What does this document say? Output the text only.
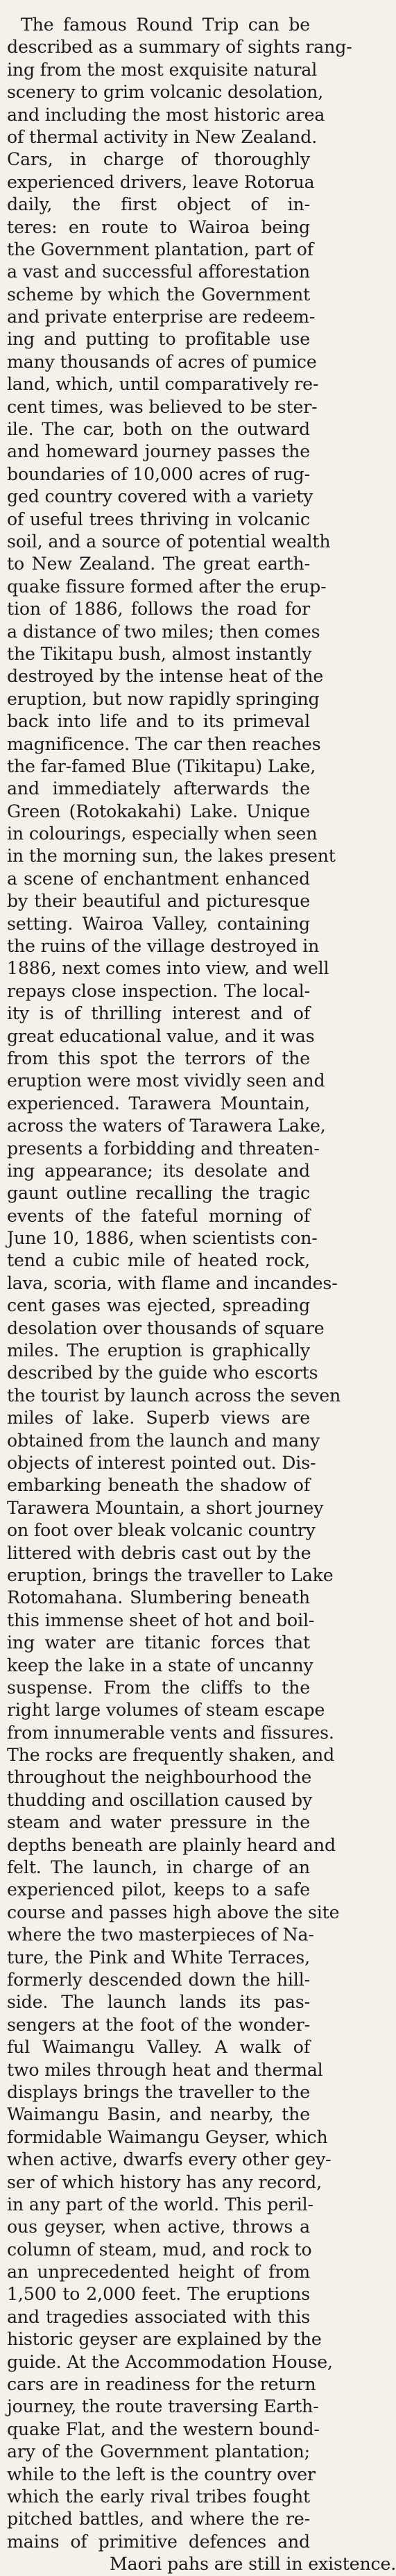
The famous Round Trip can be
described as a summary of sights rang-
ing from the most exquisite natural
scenery to grim volcanic desolation,
and including the most historic area
of thermal activity in New Zealand.
Cars, in charge of thoroughly
experienced drivers, leave Rotorua
daily, the first object of in-
teres: en route to Wairoa being
the Government plantation, part of
a vast and successful afforestation
scheme by which the Government
and private enterprise are redeem-
ing and putting to profitable use
many thousands of acres of pumice
land, which, until comparatively re-
cent times, was believed to be ster-
ile. The car, both on the outward
and homeward journey passes the
boundaries of 10,000 acres of rug-
ged country covered with a variety
of useful trees thriving in volcanic
soil, and a source of potential wealth
to New Zealand. The great earth-
quake fissure formed after the erup-
tion of 1886, follows the road for
a distance of two miles; then comes
the Tikitapu bush, almost instantly
destroyed by the intense heat of the
eruption, but now rapidly springing
back into life and to its primeval
magnificence. The car then reaches
the far-famed Blue (Tikitapu) Lake,
and immediately afterwards the
Green (Rotokakahi) Lake. Unique
in colourings, especially when seen
in the morning sun, the lakes present
a scene of enchantment enhanced
by their beautiful and picturesque
setting. Wairoa Valley, containing
the ruins of the village destroyed in
1886, next comes into view, and well
repays close inspection. The local-
ity is of thrilling interest and of
great educational value, and it was
from this spot the terrors of the
eruption were most vividly seen and
experienced. Tarawera Mountain,
across the waters of Tarawera Lake,
presents a forbidding and threaten-
ing appearance; its desolate and
gaunt outline recalling the tragic
events of the fateful morning of
June 10, 1886, when scientists con-
tend a cubic mile of heated rock,
lava, scoria, with flame and incandes-
cent gases was ejected, spreading
desolation over thousands of square
miles. The eruption is graphically
described by the guide who escorts
the tourist by launch across the seven
miles of lake. Superb views are
obtained from the launch and many
objects of interest pointed out. Dis-
embarking beneath the shadow of
Tarawera Mountain, a short journey
on foot over bleak volcanic country
littered with debris cast out by the
eruption, brings the traveller to Lake
Rotomahana. Slumbering beneath
this immense sheet of hot and boil-
ing water are titanic forces that
keep the lake in a state of uncanny
suspense. From the cliffs to the
right large volumes of steam escape
from innumerable vents and fissures.
The rocks are frequently shaken, and
throughout the neighbourhood the
thudding and oscillation caused by
steam and water pressure in the
depths beneath are plainly heard and
felt. The launch, in charge of an
experienced pilot, keeps to a safe
course and passes high above the site
where the two masterpieces of Na-
ture, the Pink and White Terraces,
formerly descended down the hill-
side. The launch lands its pas-
sengers at the foot of the wonder-
ful Waimangu Valley. A walk of
two miles through heat and thermal
displays brings the traveller to the
Waimangu Basin, and nearby, the
formidable Waimangu Geyser, which
when active, dwarfs every other gey-
ser of which history has any record,
in any part of the world. This peril-
ous geyser, when active, throws a
column of steam, mud, and rock to
an unprecedented height of from
1,500 to 2,000 feet. The eruptions
and tragedies associated with this
historic geyser are explained by the
guide. At the Accommodation House,
cars are in readiness for the return
journey, the route traversing Earth-
quake Flat, and the western bound-
ary of the Government plantation;
while to the left is the country over
which the early rival tribes fought
pitched battles, and where the re-
mains of primitive defences and
Maori pahs are still in existence.
